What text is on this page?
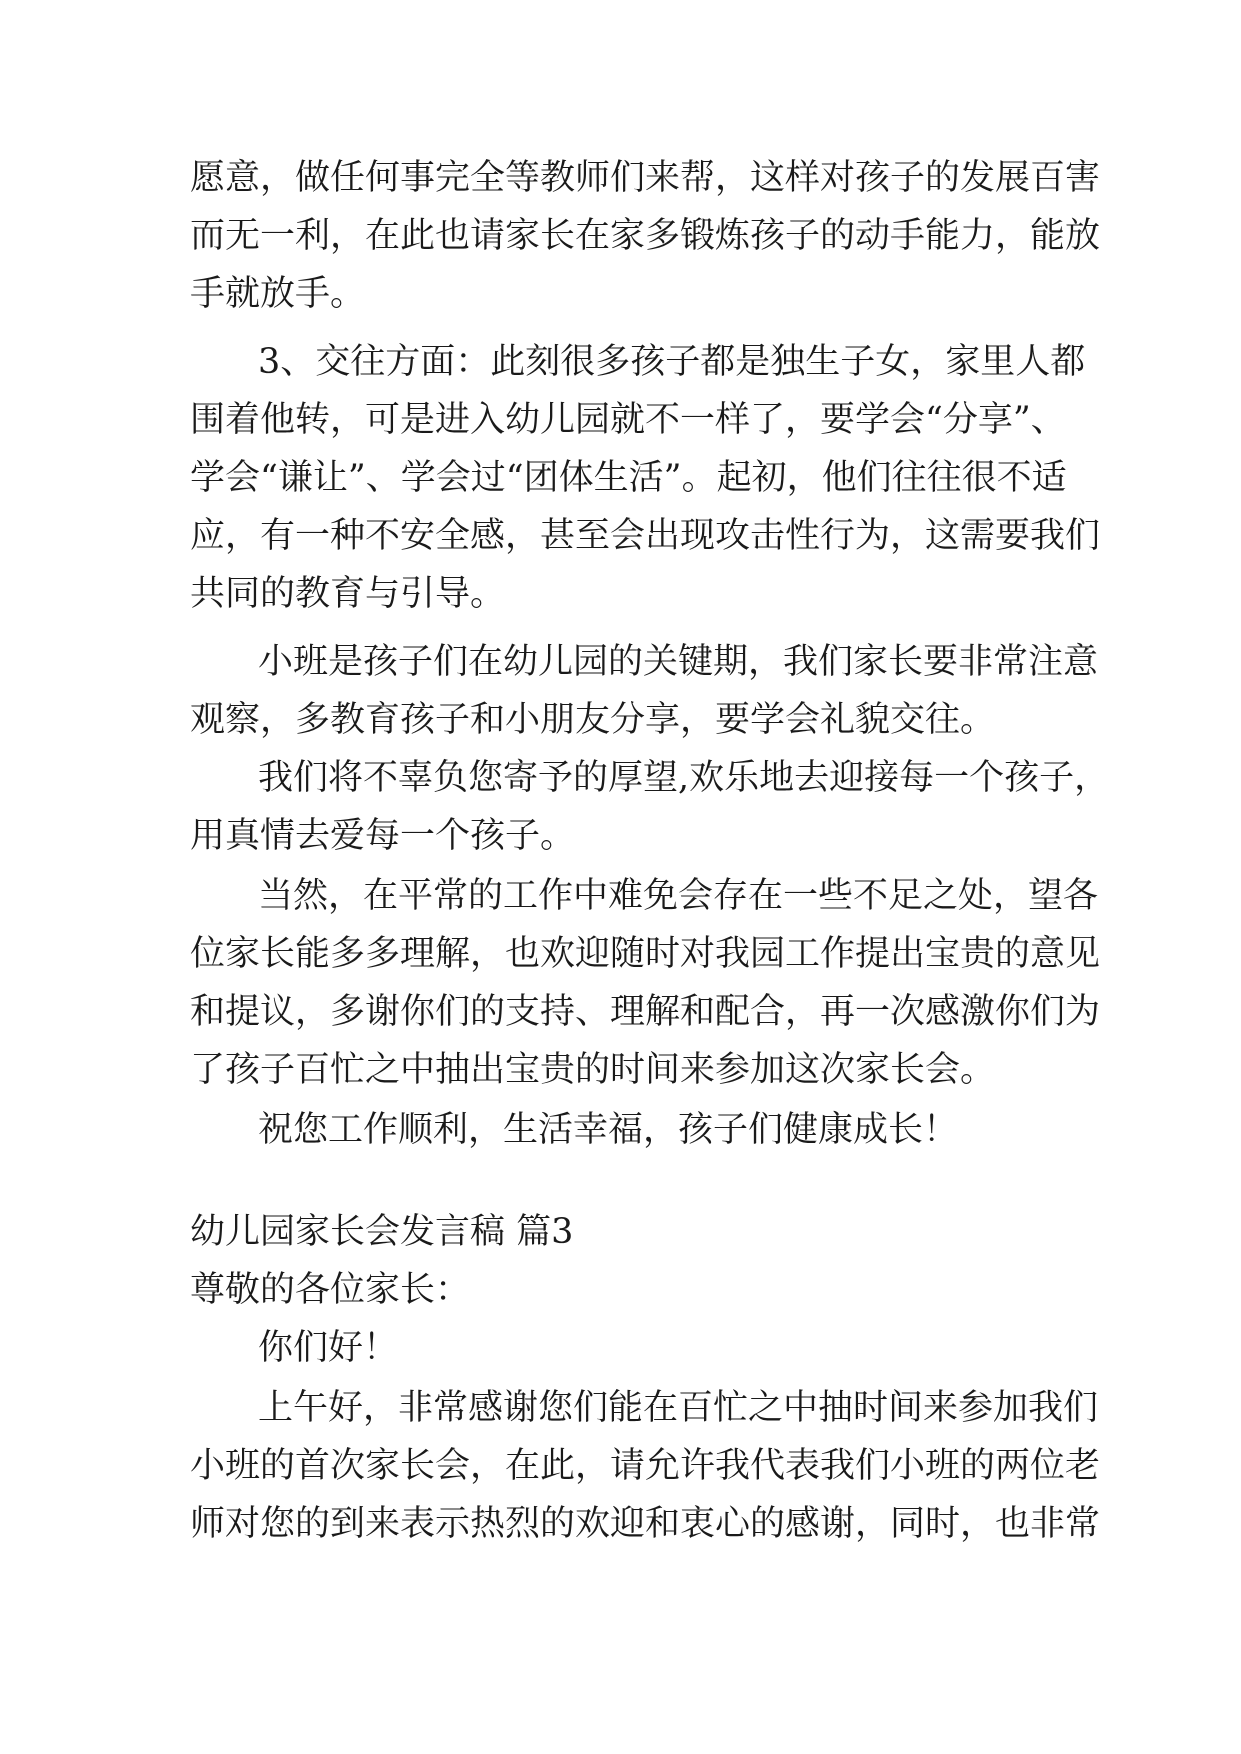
愿意，做任何事完全等教师们来帮，这样对孩子的发展百害
而无一利，在此也请家长在家多锻炼孩子的动手能力，能放
手就放手。
3、交往方面：此刻很多孩子都是独生子女，家里人都
围着他转，可是进入幼儿园就不一样了，要学会“分享”、
学会“谦让”、学会过“团体生活”。起初，他们往往很不适
应，有一种不安全感，甚至会出现攻击性行为，这需要我们
共同的教育与引导。
小班是孩子们在幼儿园的关键期，我们家长要非常注意
观察，多教育孩子和小朋友分享，要学会礼貌交往。
我们将不辜负您寄予的厚望,欢乐地去迎接每一个孩子，
用真情去爱每一个孩子。
当然，在平常的工作中难免会存在一些不足之处，望各
位家长能多多理解，也欢迎随时对我园工作提出宝贵的意见
和提议，多谢你们的支持、理解和配合，再一次感激你们为
了孩子百忙之中抽出宝贵的时间来参加这次家长会。
祝您工作顺利，生活幸福，孩子们健康成长！
幼儿园家长会发言稿 篇3
尊敬的各位家长：
你们好！
上午好，非常感谢您们能在百忙之中抽时间来参加我们
小班的首次家长会，在此，请允许我代表我们小班的两位老
师对您的到来表示热烈的欢迎和衷心的感谢，同时，也非常
